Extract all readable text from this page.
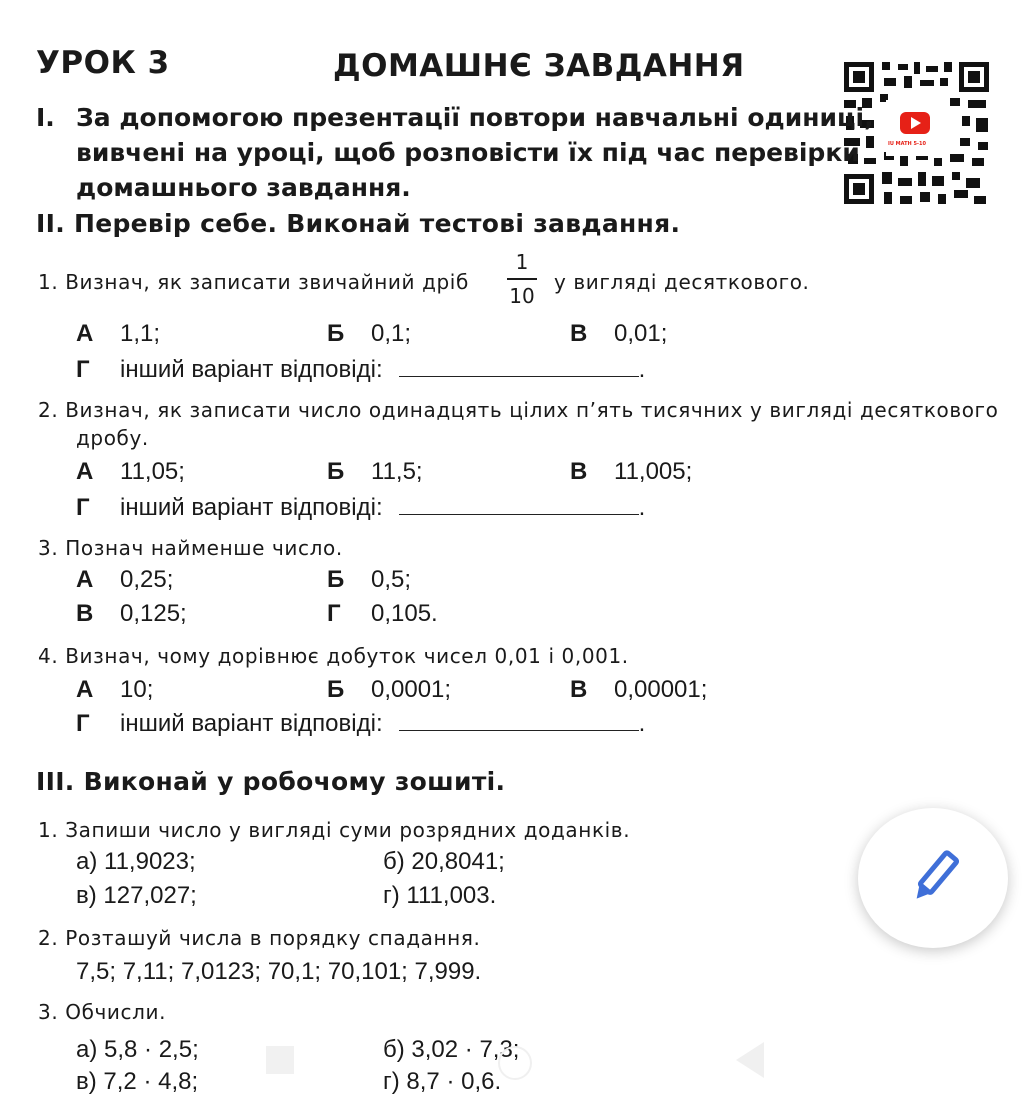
УРОК 3	ДОМАШНЄ ЗАВДАННЯ
IU MATH 5-10
I. За допомогою презентації повтори навчальні одиниці,
вивчені на уроці, щоб розповісти їх під час перевірки
домашнього завдання.
II. Перевір себе. Виконай тестові завдання.
1. Визнач, як записати звичайний дріб
1
10
у вигляді десяткового.
А 1,1;	Б 0,1;	В 0,01;
Г інший варіант відповіді:	.
2. Визнач, як записати число одинадцять цілих п’ять тисячних у вигляді десяткового
дробу.
А 11,05;	Б 11,5;	В 11,005;
Г інший варіант відповіді:	.
3. Познач найменше число.
А 0,25;	Б 0,5;
В 0,125;	Г 0,105.
4. Визнач, чому дорівнює добуток чисел 0,01 і 0,001.
А 10;	Б 0,0001;	В 0,00001;
Г інший варіант відповіді:	.
III. Виконай у робочому зошиті.
1. Запиши число у вигляді суми розрядних доданків.
а) 11,9023;	б) 20,8041;
в) 127,027;	г) 111,003.
2. Розташуй числа в порядку спадання.
7,5; 7,11; 7,0123; 70,1; 70,101; 7,999.
3. Обчисли.
а) 5,8 · 2,5;	б) 3,02 · 7,3;
в) 7,2 · 4,8;	г) 8,7 · 0,6.
